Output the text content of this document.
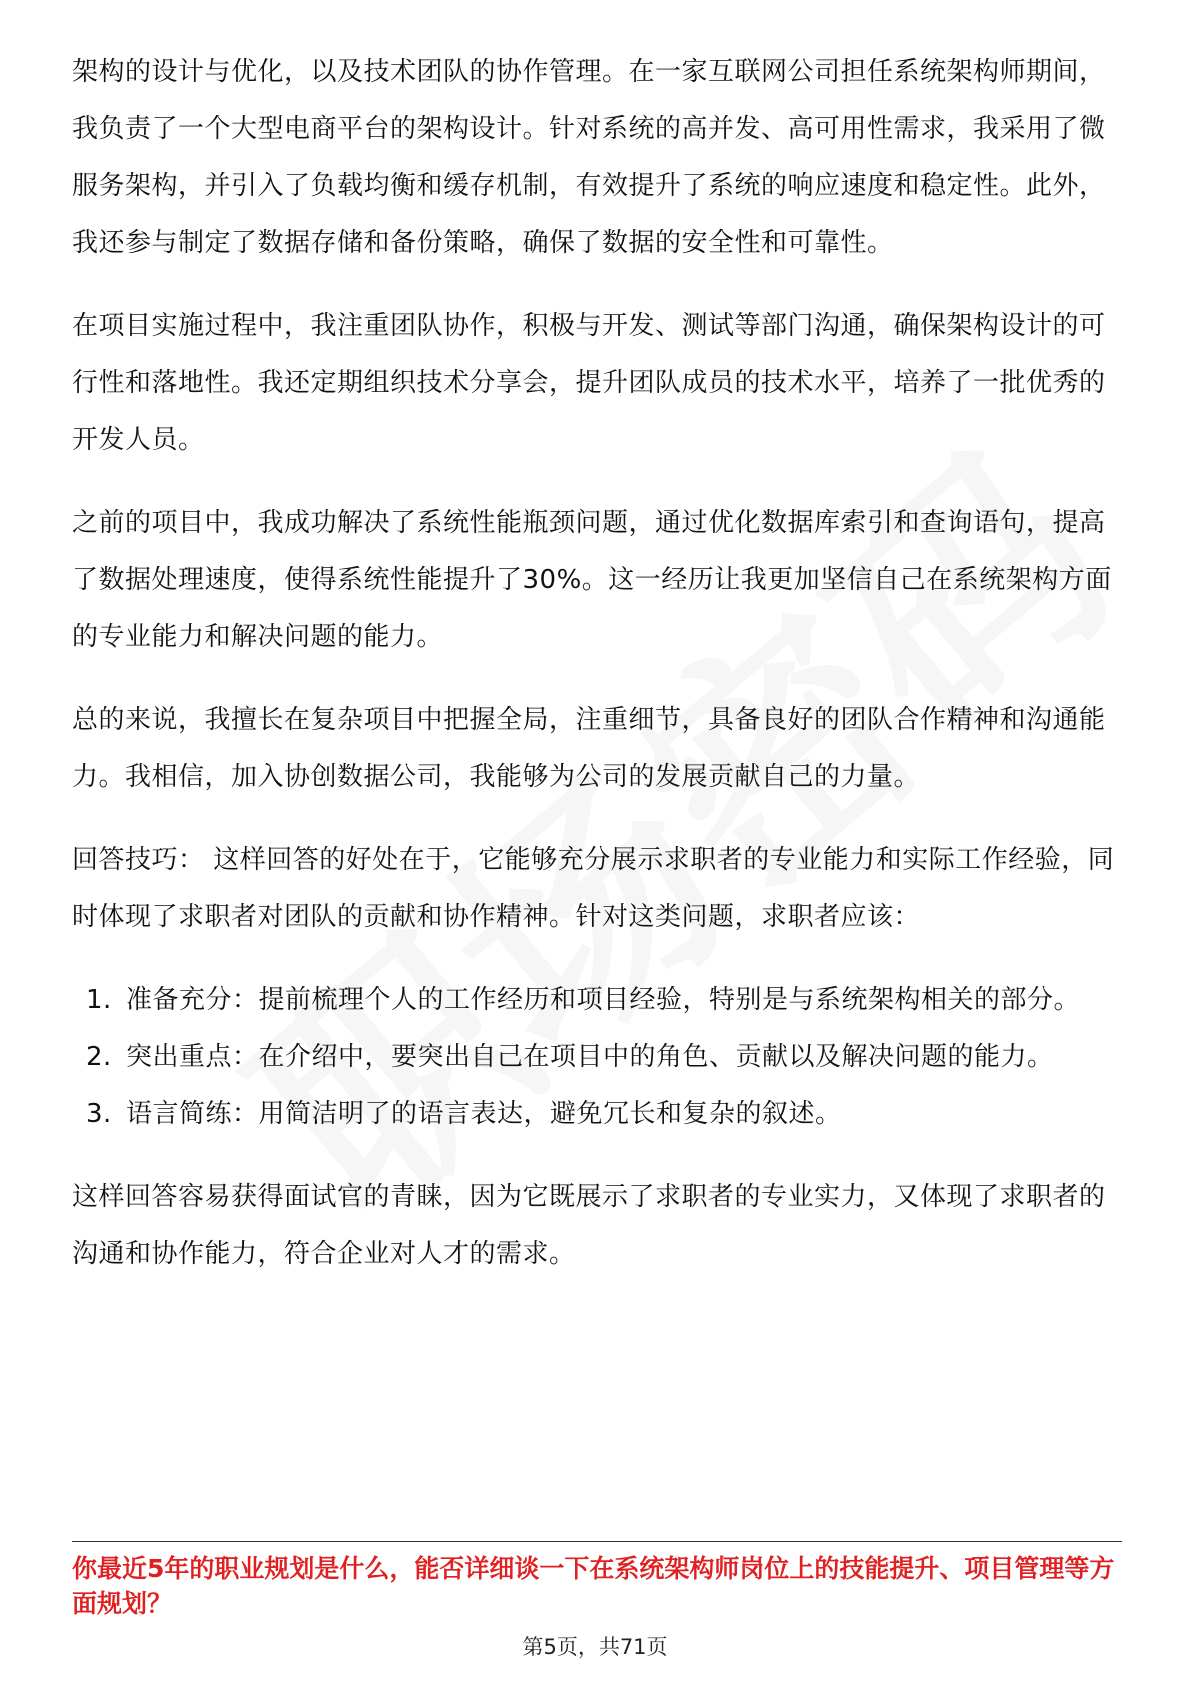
架构的设计与优化，以及技术团队的协作管理。在一家互联网公司担任系统架构师期间，我负责了一个大型电商平台的架构设计。针对系统的高并发、高可用性需求，我采用了微服务架构，并引入了负载均衡和缓存机制，有效提升了系统的响应速度和稳定性。此外，我还参与制定了数据存储和备份策略，确保了数据的安全性和可靠性。

在项目实施过程中，我注重团队协作，积极与开发、测试等部门沟通，确保架构设计的可行性和落地性。我还定期组织技术分享会，提升团队成员的技术水平，培养了一批优秀的开发人员。

之前的项目中，我成功解决了系统性能瓶颈问题，通过优化数据库索引和查询语句，提高了数据处理速度，使得系统性能提升了30%。这一经历让我更加坚信自己在系统架构方面的专业能力和解决问题的能力。

总的来说，我擅长在复杂项目中把握全局，注重细节，具备良好的团队合作精神和沟通能力。我相信，加入协创数据公司，我能够为公司的发展贡献自己的力量。

回答技巧： 这样回答的好处在于，它能够充分展示求职者的专业能力和实际工作经验，同时体现了求职者对团队的贡献和协作精神。针对这类问题，求职者应该：

1. 准备充分：提前梳理个人的工作经历和项目经验，特别是与系统架构相关的部分。
2. 突出重点：在介绍中，要突出自己在项目中的角色、贡献以及解决问题的能力。
3. 语言简练：用简洁明了的语言表达，避免冗长和复杂的叙述。

这样回答容易获得面试官的青睐，因为它既展示了求职者的专业实力，又体现了求职者的沟通和协作能力，符合企业对人才的需求。

你最近5年的职业规划是什么，能否详细谈一下在系统架构师岗位上的技能提升、项目管理等方面规划？

第5页，共71页
